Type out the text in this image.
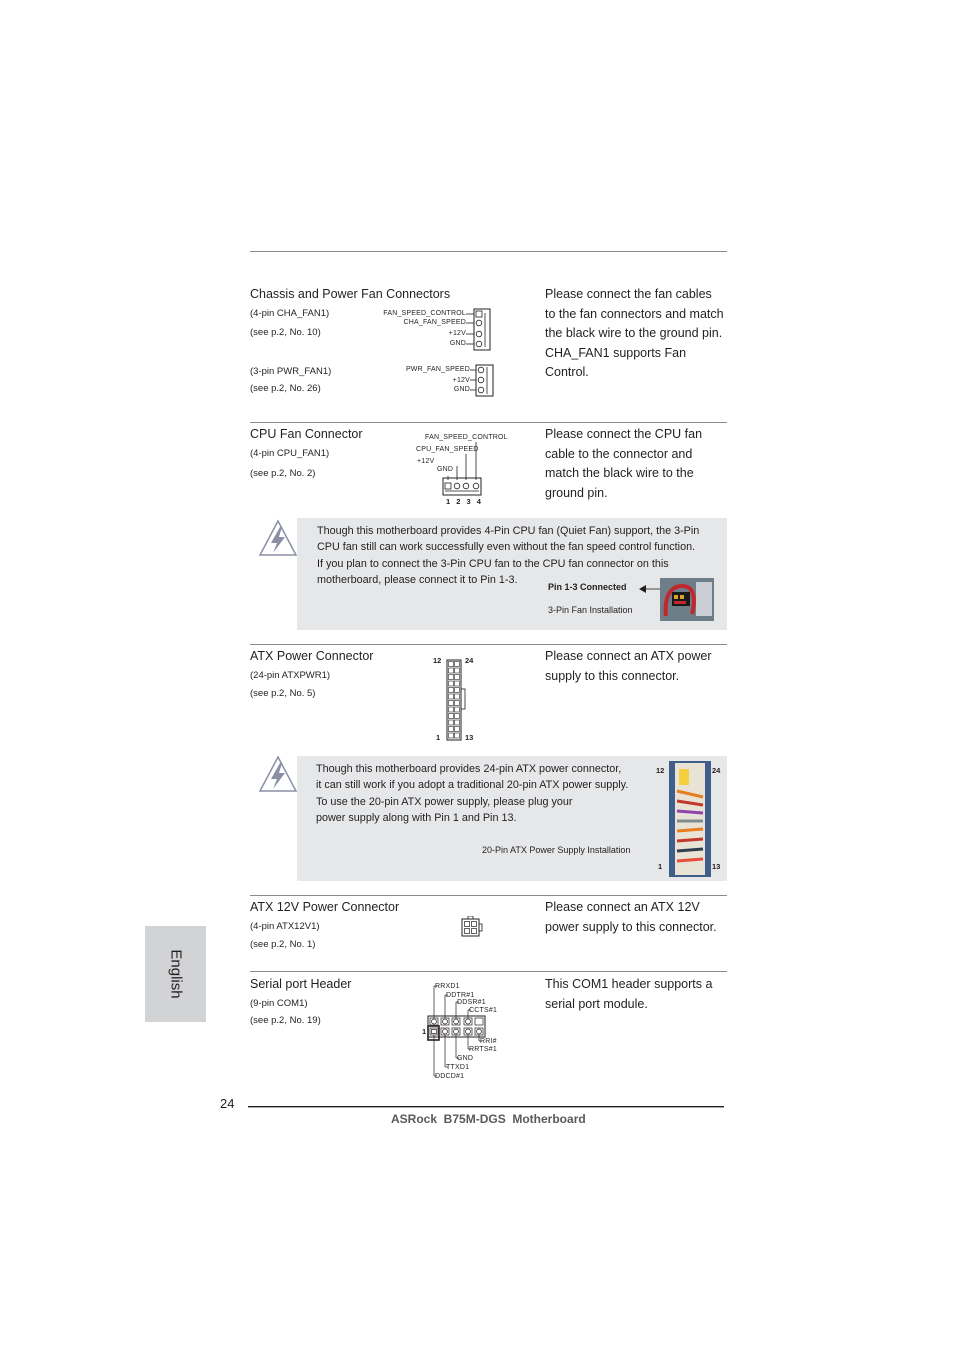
Chassis and Power Fan Connectors
(4-pin CHA_FAN1)
(see p.2, No. 10)
(3-pin PWR_FAN1)
(see p.2, No. 26)
Please connect the fan cables
to the fan connectors and match
the black wire to the ground pin.
CHA_FAN1 supports Fan
Control.
FAN_SPEED_CONTROL
CHA_FAN_SPEED
+12V
GND
PWR_FAN_SPEED
+12V
GND
CPU Fan Connector
(4-pin CPU_FAN1)
(see p.2, No. 2)
Please connect the CPU fan
cable to the connector and
match the black wire to the
ground pin.
FAN_SPEED_CONTROL
CPU_FAN_SPEED
+12V
GND
1 2 3 4
Though this motherboard provides 4-Pin CPU fan (Quiet Fan) support, the 3-Pin
CPU fan still can work successfully even without the fan speed control function.
If you plan to connect the 3-Pin CPU fan to the CPU fan connector on this
motherboard, please connect it to Pin 1-3.
Pin 1-3 Connected
3-Pin Fan Installation
ATX Power Connector
(24-pin ATXPWR1)
(see p.2, No. 5)
Please connect an ATX power
supply to this connector.
12	24
1	13
Though this motherboard provides 24-pin ATX power connector,
it can still work if you adopt a traditional 20-pin ATX power supply.
To use the 20-pin ATX power supply, please plug your
power supply along with Pin 1 and Pin 13.
20-Pin ATX Power Supply Installation
12	24
1	13
ATX 12V Power Connector
(4-pin ATX12V1)
(see p.2, No. 1)
Please connect an ATX 12V
power supply to this connector.
Serial port Header
(9-pin COM1)
(see p.2, No. 19)
This COM1 header supports a
serial port module.
RRXD1
DDTR#1
DDSR#1
CCTS#1
RRI#
RRTS#1
GND
TTXD1
DDCD#1
1
English
24
ASRock  B75M-DGS  Motherboard
